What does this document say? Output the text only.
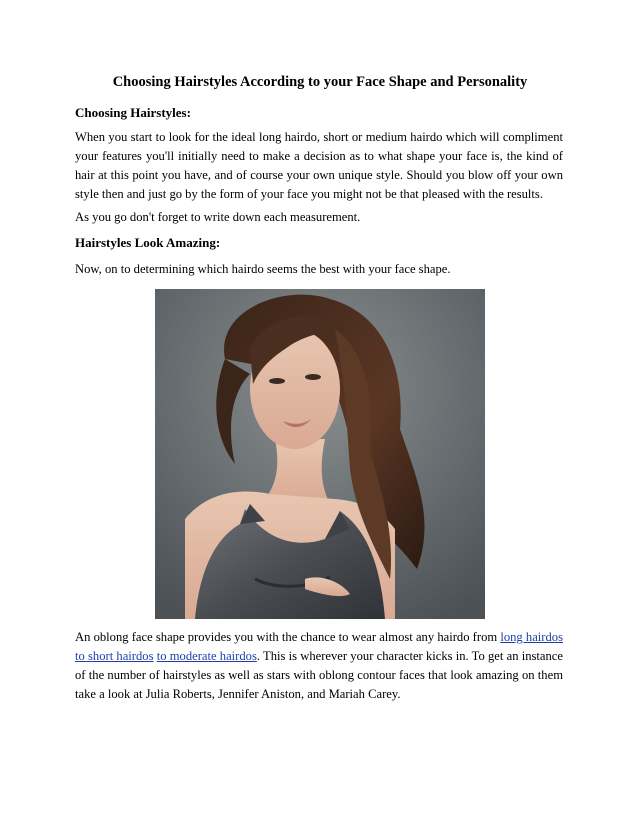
Choosing Hairstyles According to your Face Shape and Personality
Choosing Hairstyles:

When you start to look for the ideal long hairdo, short or medium hairdo which will compliment your features you'll initially need to make a decision as to what shape your face is, the kind of hair at this point you have, and of course your own unique style. Should you blow off your own style then and just go by the form of your face you might not be that pleased with the results.

As you go don't forget to write down each measurement.

Hairstyles Look Amazing:

Now, on to determining which hairdo seems the best with your face shape.

An oblong face shape provides you with the chance to wear almost any hairdo from long hairdos to short hairdos to moderate hairdos. This is wherever your character kicks in. To get an instance of the number of hairstyles as well as stars with oblong contour faces that look amazing on them take a look at Julia Roberts, Jennifer Aniston, and Mariah Carey.
